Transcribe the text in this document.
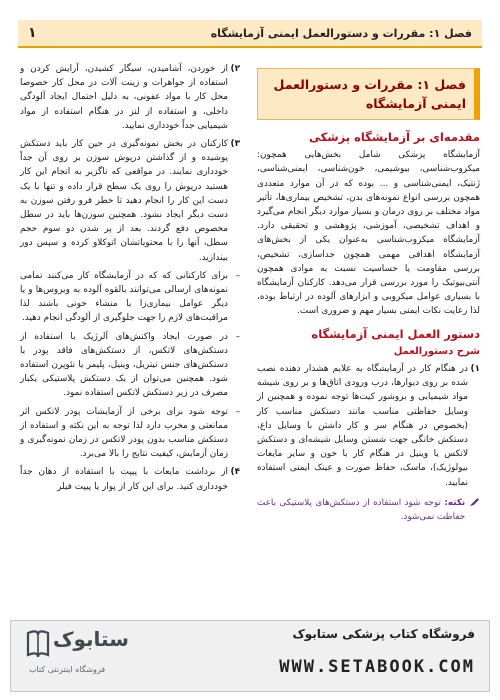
فصل ۱: مقررات و دستورالعمل ایمنی آزمایشگاه
۱
فصل ۱: مقررات و دستورالعمل ایمنی آزمایشگاه
مقدمه‌ای بر آزمایشگاه پزشکی

آزمایشگاه پزشکی شامل بخش‌هایی همچون: میکروب‌شناسی، بیوشیمی، خون‌شناسی، ایمنی‌شناسی، ژنتیک، ایمنی‌شناسی و ... بوده که در آن موارد متعددی همچون بررسی انواع نمونه‌های بدن، تشخیص بیماری‌ها، تأثیر مواد مختلف بر روی درمان و بسیار موارد دیگر انجام می‌گیرد و اهداف تشخیصی، آموزشی، پژوهشی و تحقیقی دارد. آزمایشگاه میکروب‌شناسی به‌عنوان یکی از بخش‌های آزمایشگاه اهدافی مهمی همچون جداسازی، تشخیص، بررسی مقاومت یا حساسیت نسبت به موادی همچون آنتی‌بیوتیک را مورد بررسی قرار می‌دهد. کارکنان آزمایشگاه با بسیاری عوامل میکروبی و ابزارهای آلوده در ارتباط بوده، لذا رعایت نکات ایمنی بسیار مهم و ضروری است.

دستور العمل ایمنی آزمایشگاه
شرح دستورالعمل
۱)
در هنگام کار در آزمایشگاه به علایم هشدار دهنده نصب شده بر روی دیوارها، درب ورودی اتاق‌ها و بر روی شیشه مواد شیمیایی و بروشور کیت‌ها توجه نموده و همچنین از وسایل حفاظتی مناسب مانند دستکش مناسب کار (بخصوص در هنگام سر و کار داشتن با وسایل داغ، دستکش خانگی جهت شستن وسایل شیشه‌ای و دستکش لاتکس یا وینیل در هنگام کار با خون و سایر مایعات بیولوژیک)، ماسک، حفاظ صورت و عینک ایمنی استفاده نمایید.
نکته: توجه شود استفاده از دستکش‌های پلاستیکی باعث حفاظت نمی‌شود.
۲)
از خوردن، آشامیدن، سیگار کشیدن، آرایش کردن و استفاده از جواهرات و زینت آلات در محل کار خصوصا محل کار با مواد عفونی، به دلیل احتمال ایجاد آلودگی داخلی، و استفاده از لنز در هنگام استفاده از مواد شیمیایی جداً خودداری نمایید.
۳)
کارکنان در بخش نمونه‌گیری در حین کار باید دستکش پوشیده و از گذاشتن درپوش سوزن بر روی آن جداً خودداری نمایند. در مواقعی که ناگزیر به انجام این کار هستید درپوش را روی یک سطح قرار داده و تنها با یک دست این کار را انجام دهید تا خطر فرو رفتن سوزن به دست دیگر ایجاد نشود. همچنین سوزن‌ها باید در سطل مخصوص دفع گردند. بعد از پر شدن دو سوم حجم سطل، آنها را با محتویاتشان اتوکلاو کرده و سپس دور بیندازید.
–
برای کارکنانی که که در آزمایشگاه کار می‌کنند تمامی نمونه‌های ارسالی می‌توانند بالقوه آلوده به ویروس‌ها و یا دیگر عوامل بیماری‌زا با منشاء خونی باشند لذا مراقبت‌های لازم را جهت جلوگیری از آلودگی انجام دهید.
–
در صورت ایجاد واکنش‌های آلرژیک با استفاده از دستکش‌های لاتکس، از دستکش‌های فاقد پودر یا دستکش‌های جنس نیتریل، وینیل، پلیمر یا نئوپرن استفاده شود. همچنین می‌توان از یک دستکش پلاستیکی یکبار مصرف در زیر دستکش لاتکس استفاده نمود.
–
توجه شود برای برخی از آزمایشات پودر لاتکس اثر ممانعتی و مخرب دارد لذا توجه به این نکته و استفاده از دستکش مناسب بدون پودر لاتکس در زمان نمونه‌گیری و زمان آزمایش، کیفیت نتایج را بالا می‌برد.
۴)
از برداشت مایعات با پیپت با استفاده از دهان جداً خودداری کنید. برای این کار از پوار یا پیپت فیلر
ستابوک
فروشگاه اینترنتی کتاب
فروشگاه کتاب پزشکی ستابوک
WWW.SETABOOK.COM
